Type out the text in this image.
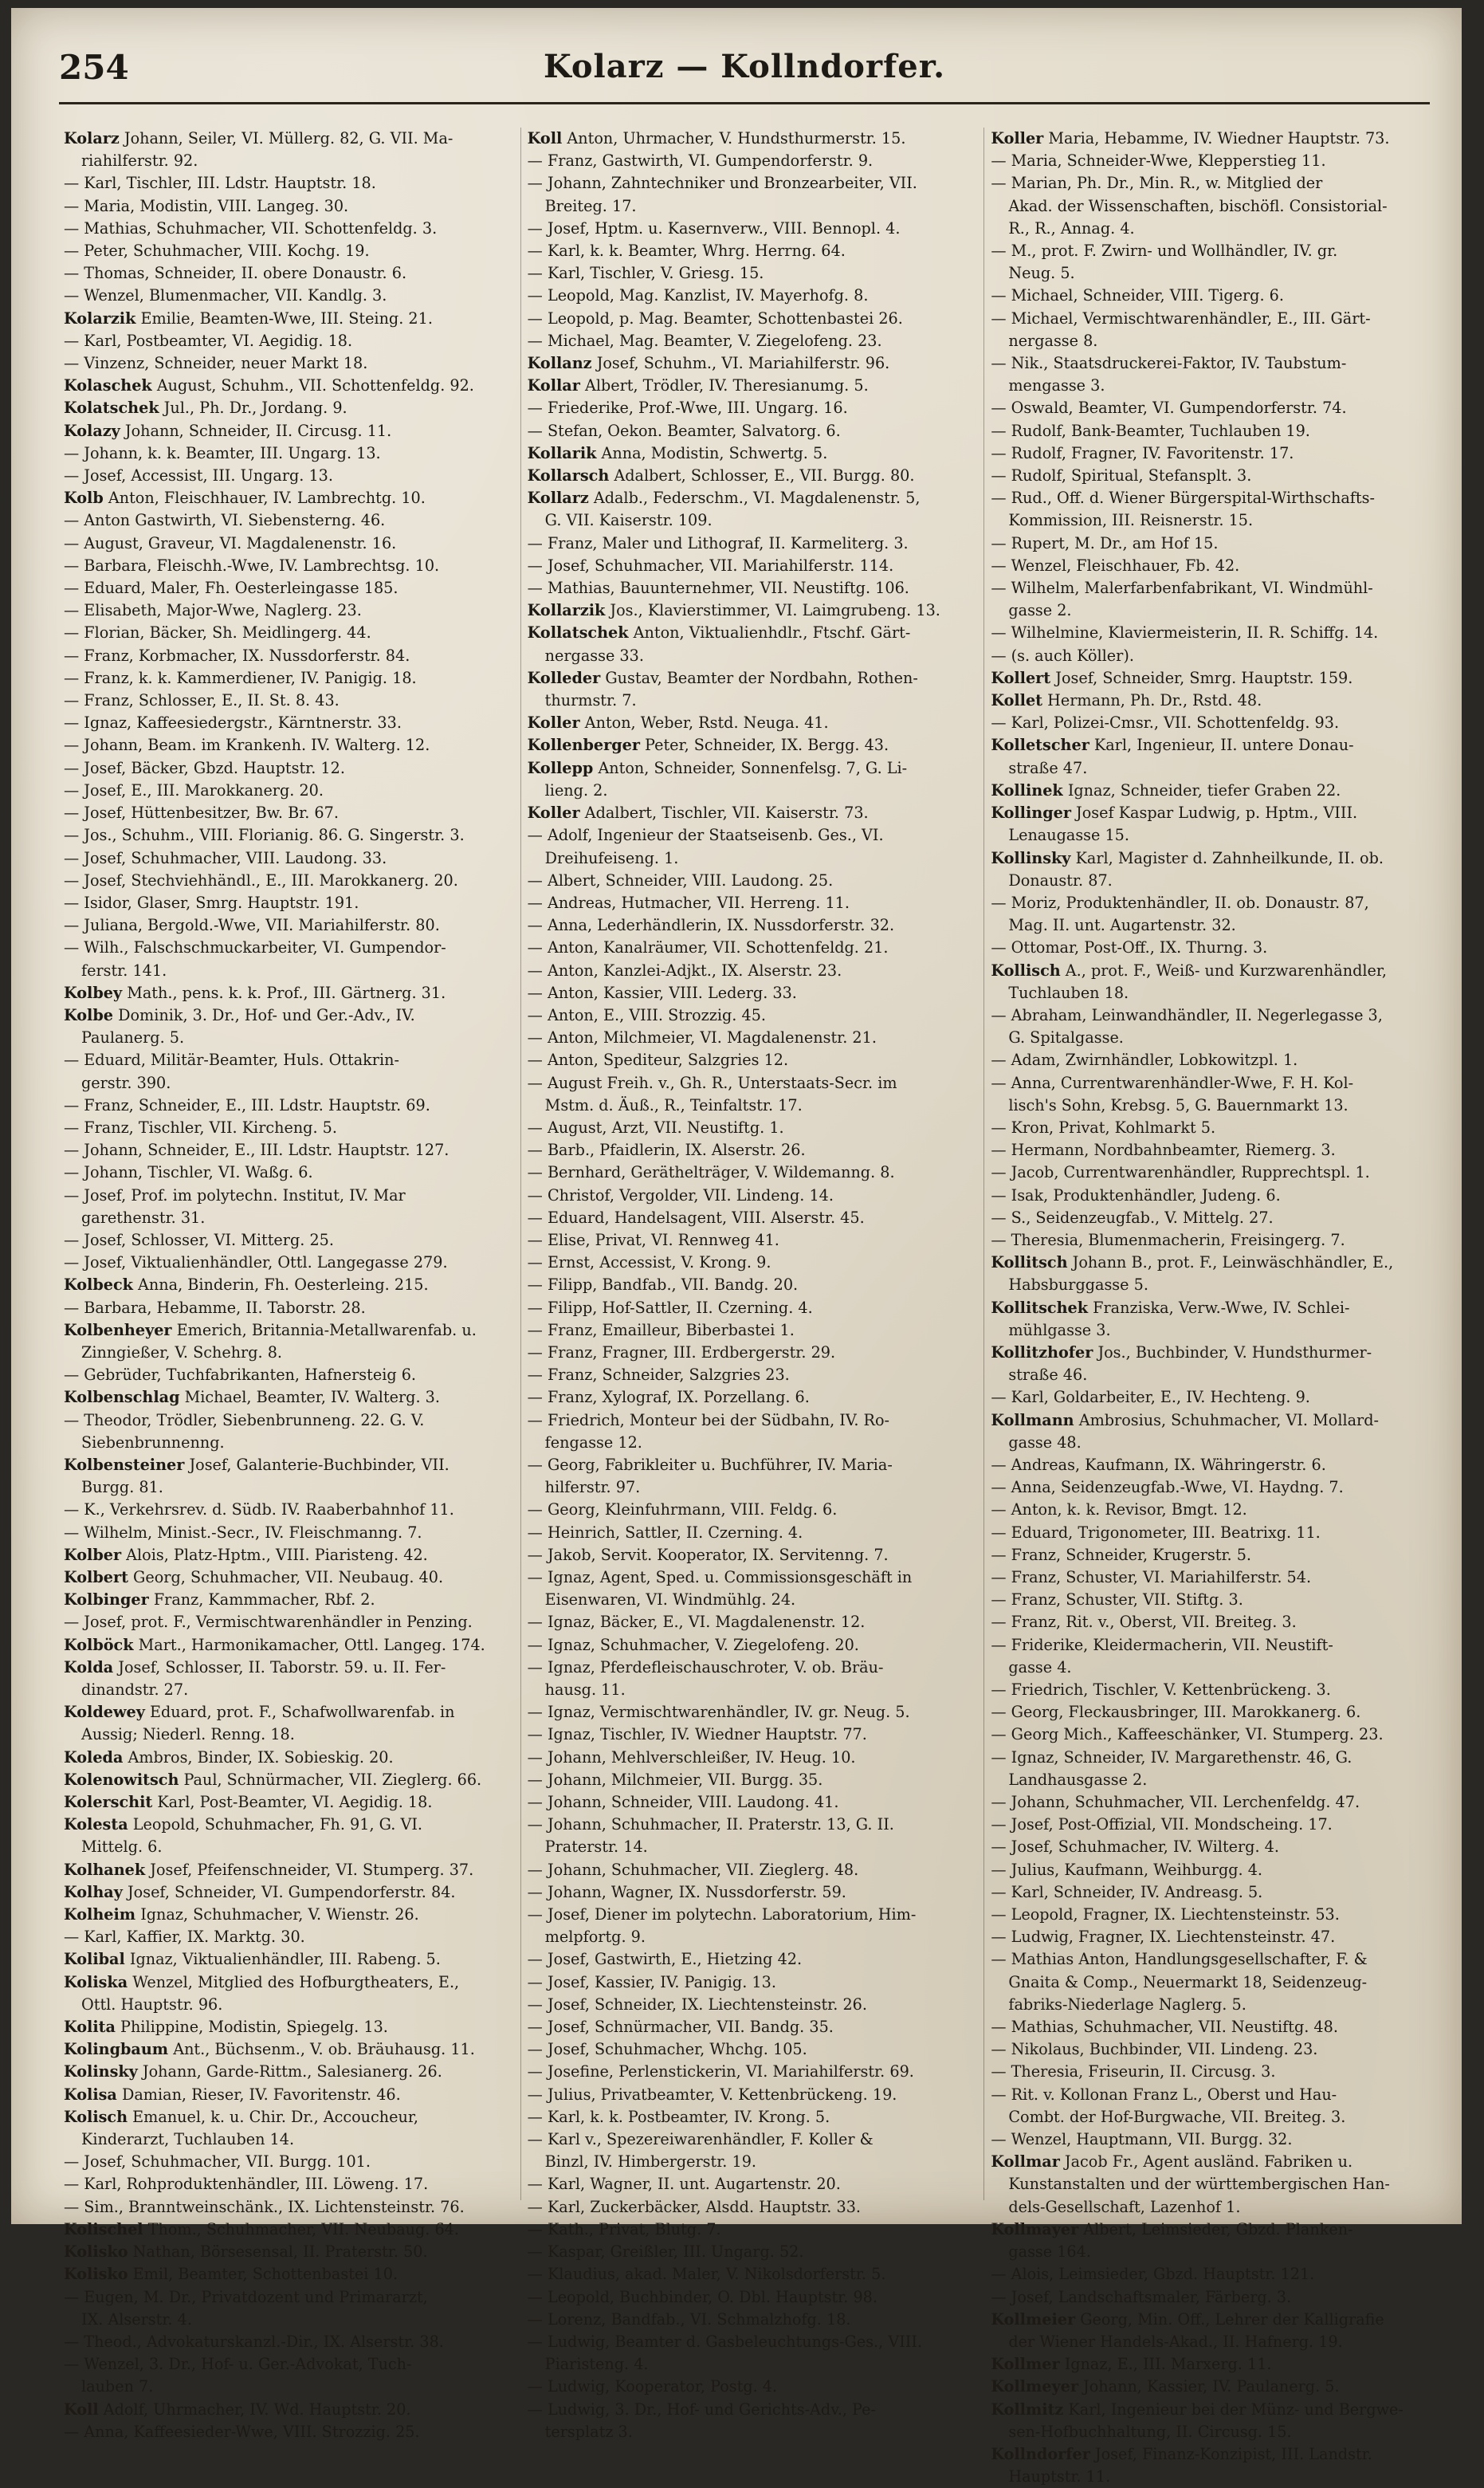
254	Kolarz — Kollndorfer.
Kolarz Johann, Seiler, VI. Müllerg. 82, G. VII. Ma-
riahilferstr. 92.
— Karl, Tischler, III. Ldstr. Hauptstr. 18.
— Maria, Modistin, VIII. Langeg. 30.
— Mathias, Schuhmacher, VII. Schottenfeldg. 3.
— Peter, Schuhmacher, VIII. Kochg. 19.
— Thomas, Schneider, II. obere Donaustr. 6.
— Wenzel, Blumenmacher, VII. Kandlg. 3.
Kolarzik Emilie, Beamten-Wwe, III. Steing. 21.
— Karl, Postbeamter, VI. Aegidig. 18.
— Vinzenz, Schneider, neuer Markt 18.
Kolaschek August, Schuhm., VII. Schottenfeldg. 92.
Kolatschek Jul., Ph. Dr., Jordang. 9.
Kolazy Johann, Schneider, II. Circusg. 11.
— Johann, k. k. Beamter, III. Ungarg. 13.
— Josef, Accessist, III. Ungarg. 13.
Kolb Anton, Fleischhauer, IV. Lambrechtg. 10.
— Anton Gastwirth, VI. Siebensterng. 46.
— August, Graveur, VI. Magdalenenstr. 16.
— Barbara, Fleischh.-Wwe, IV. Lambrechtsg. 10.
— Eduard, Maler, Fh. Oesterleingasse 185.
— Elisabeth, Major-Wwe, Naglerg. 23.
— Florian, Bäcker, Sh. Meidlingerg. 44.
— Franz, Korbmacher, IX. Nussdorferstr. 84.
— Franz, k. k. Kammerdiener, IV. Panigig. 18.
— Franz, Schlosser, E., II. St. 8. 43.
— Ignaz, Kaffeesiedergstr., Kärntnerstr. 33.
— Johann, Beam. im Krankenh. IV. Walterg. 12.
— Josef, Bäcker, Gbzd. Hauptstr. 12.
— Josef, E., III. Marokkanerg. 20.
— Josef, Hüttenbesitzer, Bw. Br. 67.
— Jos., Schuhm., VIII. Florianig. 86. G. Singerstr. 3.
— Josef, Schuhmacher, VIII. Laudong. 33.
— Josef, Stechviehhändl., E., III. Marokkanerg. 20.
— Isidor, Glaser, Smrg. Hauptstr. 191.
— Juliana, Bergold.-Wwe, VII. Mariahilferstr. 80.
— Wilh., Falschschmuckarbeiter, VI. Gumpendor-
ferstr. 141.
Kolbey Math., pens. k. k. Prof., III. Gärtnerg. 31.
Kolbe Dominik, 3. Dr., Hof- und Ger.-Adv., IV.
Paulanerg. 5.
— Eduard, Militär-Beamter, Huls. Ottakrin-
gerstr. 390.
— Franz, Schneider, E., III. Ldstr. Hauptstr. 69.
— Franz, Tischler, VII. Kircheng. 5.
— Johann, Schneider, E., III. Ldstr. Hauptstr. 127.
— Johann, Tischler, VI. Waßg. 6.
— Josef, Prof. im polytechn. Institut, IV. Mar
garethenstr. 31.
— Josef, Schlosser, VI. Mitterg. 25.
— Josef, Viktualienhändler, Ottl. Langegasse 279.
Kolbeck Anna, Binderin, Fh. Oesterleing. 215.
— Barbara, Hebamme, II. Taborstr. 28.
Kolbenheyer Emerich, Britannia-Metallwarenfab. u.
Zinngießer, V. Schehrg. 8.
— Gebrüder, Tuchfabrikanten, Hafnersteig 6.
Kolbenschlag Michael, Beamter, IV. Walterg. 3.
— Theodor, Trödler, Siebenbrunneng. 22. G. V.
Siebenbrunnenng.
Kolbensteiner Josef, Galanterie-Buchbinder, VII.
Burgg. 81.
— K., Verkehrsrev. d. Südb. IV. Raaberbahnhof 11.
— Wilhelm, Minist.-Secr., IV. Fleischmanng. 7.
Kolber Alois, Platz-Hptm., VIII. Piaristeng. 42.
Kolbert Georg, Schuhmacher, VII. Neubaug. 40.
Kolbinger Franz, Kammmacher, Rbf. 2.
— Josef, prot. F., Vermischtwarenhändler in Penzing.
Kolböck Mart., Harmonikamacher, Ottl. Langeg. 174.
Kolda Josef, Schlosser, II. Taborstr. 59. u. II. Fer-
dinandstr. 27.
Koldewey Eduard, prot. F., Schafwollwarenfab. in
Aussig; Niederl. Renng. 18.
Koleda Ambros, Binder, IX. Sobieskig. 20.
Kolenowitsch Paul, Schnürmacher, VII. Zieglerg. 66.
Kolerschit Karl, Post-Beamter, VI. Aegidig. 18.
Kolesta Leopold, Schuhmacher, Fh. 91, G. VI.
Mittelg. 6.
Kolhanek Josef, Pfeifenschneider, VI. Stumperg. 37.
Kolhay Josef, Schneider, VI. Gumpendorferstr. 84.
Kolheim Ignaz, Schuhmacher, V. Wienstr. 26.
— Karl, Kaffier, IX. Marktg. 30.
Kolibal Ignaz, Viktualienhändler, III. Rabeng. 5.
Koliska Wenzel, Mitglied des Hofburgtheaters, E.,
Ottl. Hauptstr. 96.
Kolita Philippine, Modistin, Spiegelg. 13.
Kolingbaum Ant., Büchsenm., V. ob. Bräuhausg. 11.
Kolinsky Johann, Garde-Rittm., Salesianerg. 26.
Kolisa Damian, Rieser, IV. Favoritenstr. 46.
Kolisch Emanuel, k. u. Chir. Dr., Accoucheur,
Kinderarzt, Tuchlauben 14.
— Josef, Schuhmacher, VII. Burgg. 101.
— Karl, Rohproduktenhändler, III. Löweng. 17.
— Sim., Branntweinschänk., IX. Lichtensteinstr. 76.
Kolischel Thom., Schuhmacher, VII. Neubaug. 64.
Kolisko Nathan, Börsesensal, II. Praterstr. 50.
Kolisko Emil, Beamter, Schottenbastei 10.
— Eugen, M. Dr., Privatdozent und Primararzt,
IX. Alserstr. 4.
— Theod., Advokaturskanzl.-Dir., IX. Alserstr. 38.
— Wenzel, 3. Dr., Hof- u. Ger.-Advokat, Tuch-
lauben 7.
Koll Adolf, Uhrmacher, IV. Wd. Hauptstr. 20.
— Anna, Kaffeesieder-Wwe, VIII. Strozzig. 25.
Koll Anton, Uhrmacher, V. Hundsthurmerstr. 15.
— Franz, Gastwirth, VI. Gumpendorferstr. 9.
— Johann, Zahntechniker und Bronzearbeiter, VII.
Breiteg. 17.
— Josef, Hptm. u. Kasernverw., VIII. Bennopl. 4.
— Karl, k. k. Beamter, Whrg. Herrng. 64.
— Karl, Tischler, V. Griesg. 15.
— Leopold, Mag. Kanzlist, IV. Mayerhofg. 8.
— Leopold, p. Mag. Beamter, Schottenbastei 26.
— Michael, Mag. Beamter, V. Ziegelofeng. 23.
Kollanz Josef, Schuhm., VI. Mariahilferstr. 96.
Kollar Albert, Trödler, IV. Theresianumg. 5.
— Friederike, Prof.-Wwe, III. Ungarg. 16.
— Stefan, Oekon. Beamter, Salvatorg. 6.
Kollarik Anna, Modistin, Schwertg. 5.
Kollarsch Adalbert, Schlosser, E., VII. Burgg. 80.
Kollarz Adalb., Federschm., VI. Magdalenenstr. 5,
G. VII. Kaiserstr. 109.
— Franz, Maler und Lithograf, II. Karmeliterg. 3.
— Josef, Schuhmacher, VII. Mariahilferstr. 114.
— Mathias, Bauunternehmer, VII. Neustiftg. 106.
Kollarzik Jos., Klavierstimmer, VI. Laimgrubeng. 13.
Kollatschek Anton, Viktualienhdlr., Ftschf. Gärt-
nergasse 33.
Kolleder Gustav, Beamter der Nordbahn, Rothen-
thurmstr. 7.
Koller Anton, Weber, Rstd. Neuga. 41.
Kollenberger Peter, Schneider, IX. Bergg. 43.
Kollepp Anton, Schneider, Sonnenfelsg. 7, G. Li-
lieng. 2.
Koller Adalbert, Tischler, VII. Kaiserstr. 73.
— Adolf, Ingenieur der Staatseisenb. Ges., VI.
Dreihufeiseng. 1.
— Albert, Schneider, VIII. Laudong. 25.
— Andreas, Hutmacher, VII. Herreng. 11.
— Anna, Lederhändlerin, IX. Nussdorferstr. 32.
— Anton, Kanalräumer, VII. Schottenfeldg. 21.
— Anton, Kanzlei-Adjkt., IX. Alserstr. 23.
— Anton, Kassier, VIII. Lederg. 33.
— Anton, E., VIII. Strozzig. 45.
— Anton, Milchmeier, VI. Magdalenenstr. 21.
— Anton, Spediteur, Salzgries 12.
— August Freih. v., Gh. R., Unterstaats-Secr. im
Mstm. d. Äuß., R., Teinfaltstr. 17.
— August, Arzt, VII. Neustiftg. 1.
— Barb., Pfaidlerin, IX. Alserstr. 26.
— Bernhard, Geräthelträger, V. Wildemanng. 8.
— Christof, Vergolder, VII. Lindeng. 14.
— Eduard, Handelsagent, VIII. Alserstr. 45.
— Elise, Privat, VI. Rennweg 41.
— Ernst, Accessist, V. Krong. 9.
— Filipp, Bandfab., VII. Bandg. 20.
— Filipp, Hof-Sattler, II. Czerning. 4.
— Franz, Emailleur, Biberbastei 1.
— Franz, Fragner, III. Erdbergerstr. 29.
— Franz, Schneider, Salzgries 23.
— Franz, Xylograf, IX. Porzellang. 6.
— Friedrich, Monteur bei der Südbahn, IV. Ro-
fengasse 12.
— Georg, Fabrikleiter u. Buchführer, IV. Maria-
hilferstr. 97.
— Georg, Kleinfuhrmann, VIII. Feldg. 6.
— Heinrich, Sattler, II. Czerning. 4.
— Jakob, Servit. Kooperator, IX. Servitenng. 7.
— Ignaz, Agent, Sped. u. Commissionsgeschäft in
Eisenwaren, VI. Windmühlg. 24.
— Ignaz, Bäcker, E., VI. Magdalenenstr. 12.
— Ignaz, Schuhmacher, V. Ziegelofeng. 20.
— Ignaz, Pferdefleischauschroter, V. ob. Bräu-
hausg. 11.
— Ignaz, Vermischtwarenhändler, IV. gr. Neug. 5.
— Ignaz, Tischler, IV. Wiedner Hauptstr. 77.
— Johann, Mehlverschleißer, IV. Heug. 10.
— Johann, Milchmeier, VII. Burgg. 35.
— Johann, Schneider, VIII. Laudong. 41.
— Johann, Schuhmacher, II. Praterstr. 13, G. II.
Praterstr. 14.
— Johann, Schuhmacher, VII. Zieglerg. 48.
— Johann, Wagner, IX. Nussdorferstr. 59.
— Josef, Diener im polytechn. Laboratorium, Him-
melpfortg. 9.
— Josef, Gastwirth, E., Hietzing 42.
— Josef, Kassier, IV. Panigig. 13.
— Josef, Schneider, IX. Liechtensteinstr. 26.
— Josef, Schnürmacher, VII. Bandg. 35.
— Josef, Schuhmacher, Whchg. 105.
— Josefine, Perlenstickerin, VI. Mariahilferstr. 69.
— Julius, Privatbeamter, V. Kettenbrückeng. 19.
— Karl, k. k. Postbeamter, IV. Krong. 5.
— Karl v., Spezereiwarenhändler, F. Koller &
Binzl, IV. Himbergerstr. 19.
— Karl, Wagner, II. unt. Augartenstr. 20.
— Karl, Zuckerbäcker, Alsdd. Hauptstr. 33.
— Kath., Privat, Blutg. 7.
— Kaspar, Greißler, III. Ungarg. 52.
— Klaudius, akad. Maler, V. Nikolsdorferstr. 5.
— Leopold, Buchbinder, O. Dbl. Hauptstr. 98.
— Lorenz, Bandfab., VI. Schmalzhofg. 18.
— Ludwig, Beamter d. Gasbeleuchtungs-Ges., VIII.
Piaristeng. 4.
— Ludwig, Kooperator, Postg. 4.
— Ludwig, 3. Dr., Hof- und Gerichts-Adv., Pe-
tersplatz 3.
Koller Maria, Hebamme, IV. Wiedner Hauptstr. 73.
— Maria, Schneider-Wwe, Klepperstieg 11.
— Marian, Ph. Dr., Min. R., w. Mitglied der
Akad. der Wissenschaften, bischöfl. Consistorial-
R., R., Annag. 4.
— M., prot. F. Zwirn- und Wollhändler, IV. gr.
Neug. 5.
— Michael, Schneider, VIII. Tigerg. 6.
— Michael, Vermischtwarenhändler, E., III. Gärt-
nergasse 8.
— Nik., Staatsdruckerei-Faktor, IV. Taubstum-
mengasse 3.
— Oswald, Beamter, VI. Gumpendorferstr. 74.
— Rudolf, Bank-Beamter, Tuchlauben 19.
— Rudolf, Fragner, IV. Favoritenstr. 17.
— Rudolf, Spiritual, Stefansplt. 3.
— Rud., Off. d. Wiener Bürgerspital-Wirthschafts-
Kommission, III. Reisnerstr. 15.
— Rupert, M. Dr., am Hof 15.
— Wenzel, Fleischhauer, Fb. 42.
— Wilhelm, Malerfarbenfabrikant, VI. Windmühl-
gasse 2.
— Wilhelmine, Klaviermeisterin, II. R. Schiffg. 14.
— (s. auch Köller).
Kollert Josef, Schneider, Smrg. Hauptstr. 159.
Kollet Hermann, Ph. Dr., Rstd. 48.
— Karl, Polizei-Cmsr., VII. Schottenfeldg. 93.
Kolletscher Karl, Ingenieur, II. untere Donau-
straße 47.
Kollinek Ignaz, Schneider, tiefer Graben 22.
Kollinger Josef Kaspar Ludwig, p. Hptm., VIII.
Lenaugasse 15.
Kollinsky Karl, Magister d. Zahnheilkunde, II. ob.
Donaustr. 87.
— Moriz, Produktenhändler, II. ob. Donaustr. 87,
Mag. II. unt. Augartenstr. 32.
— Ottomar, Post-Off., IX. Thurng. 3.
Kollisch A., prot. F., Weiß- und Kurzwarenhändler,
Tuchlauben 18.
— Abraham, Leinwandhändler, II. Negerlegasse 3,
G. Spitalgasse.
— Adam, Zwirnhändler, Lobkowitzpl. 1.
— Anna, Currentwarenhändler-Wwe, F. H. Kol-
lisch's Sohn, Krebsg. 5, G. Bauernmarkt 13.
— Kron, Privat, Kohlmarkt 5.
— Hermann, Nordbahnbeamter, Riemerg. 3.
— Jacob, Currentwarenhändler, Rupprechtspl. 1.
— Isak, Produktenhändler, Judeng. 6.
— S., Seidenzeugfab., V. Mittelg. 27.
— Theresia, Blumenmacherin, Freisingerg. 7.
Kollitsch Johann B., prot. F., Leinwäschhändler, E.,
Habsburggasse 5.
Kollitschek Franziska, Verw.-Wwe, IV. Schlei-
mühlgasse 3.
Kollitzhofer Jos., Buchbinder, V. Hundsthurmer-
straße 46.
— Karl, Goldarbeiter, E., IV. Hechteng. 9.
Kollmann Ambrosius, Schuhmacher, VI. Mollard-
gasse 48.
— Andreas, Kaufmann, IX. Währingerstr. 6.
— Anna, Seidenzeugfab.-Wwe, VI. Haydng. 7.
— Anton, k. k. Revisor, Bmgt. 12.
— Eduard, Trigonometer, III. Beatrixg. 11.
— Franz, Schneider, Krugerstr. 5.
— Franz, Schuster, VI. Mariahilferstr. 54.
— Franz, Schuster, VII. Stiftg. 3.
— Franz, Rit. v., Oberst, VII. Breiteg. 3.
— Friderike, Kleidermacherin, VII. Neustift-
gasse 4.
— Friedrich, Tischler, V. Kettenbrückeng. 3.
— Georg, Fleckausbringer, III. Marokkanerg. 6.
— Georg Mich., Kaffeeschänker, VI. Stumperg. 23.
— Ignaz, Schneider, IV. Margarethenstr. 46, G.
Landhausgasse 2.
— Johann, Schuhmacher, VII. Lerchenfeldg. 47.
— Josef, Post-Offizial, VII. Mondscheing. 17.
— Josef, Schuhmacher, IV. Wilterg. 4.
— Julius, Kaufmann, Weihburgg. 4.
— Karl, Schneider, IV. Andreasg. 5.
— Leopold, Fragner, IX. Liechtensteinstr. 53.
— Ludwig, Fragner, IX. Liechtensteinstr. 47.
— Mathias Anton, Handlungsgesellschafter, F. &
Gnaita & Comp., Neuermarkt 18, Seidenzeug-
fabriks-Niederlage Naglerg. 5.
— Mathias, Schuhmacher, VII. Neustiftg. 48.
— Nikolaus, Buchbinder, VII. Lindeng. 23.
— Theresia, Friseurin, II. Circusg. 3.
— Rit. v. Kollonan Franz L., Oberst und Hau-
Combt. der Hof-Burgwache, VII. Breiteg. 3.
— Wenzel, Hauptmann, VII. Burgg. 32.
Kollmar Jacob Fr., Agent ausländ. Fabriken u.
Kunstanstalten und der württembergischen Han-
dels-Gesellschaft, Lazenhof 1.
Kollmayer Albert, Leimsieder, Gbzd. Planken-
gasse 164.
— Alois, Leimsieder, Gbzd. Hauptstr. 121.
— Josef, Landschaftsmaler, Färberg. 3.
Kollmeier Georg, Min. Off., Lehrer der Kalligrafie
der Wiener Handels-Akad., II. Hafnerg. 19.
Kollmer Ignaz, E., III. Marxerg. 11.
Kollmeyer Johann, Kassier, IV. Paulanerg. 5.
Kollmitz Karl, Ingenieur bei der Münz- und Bergwe-
sen-Hofbuchhaltung, II. Circusg. 15.
Kollndorfer Josef, Finanz-Konzipist, III. Landstr.
Hauptstr. 11.
